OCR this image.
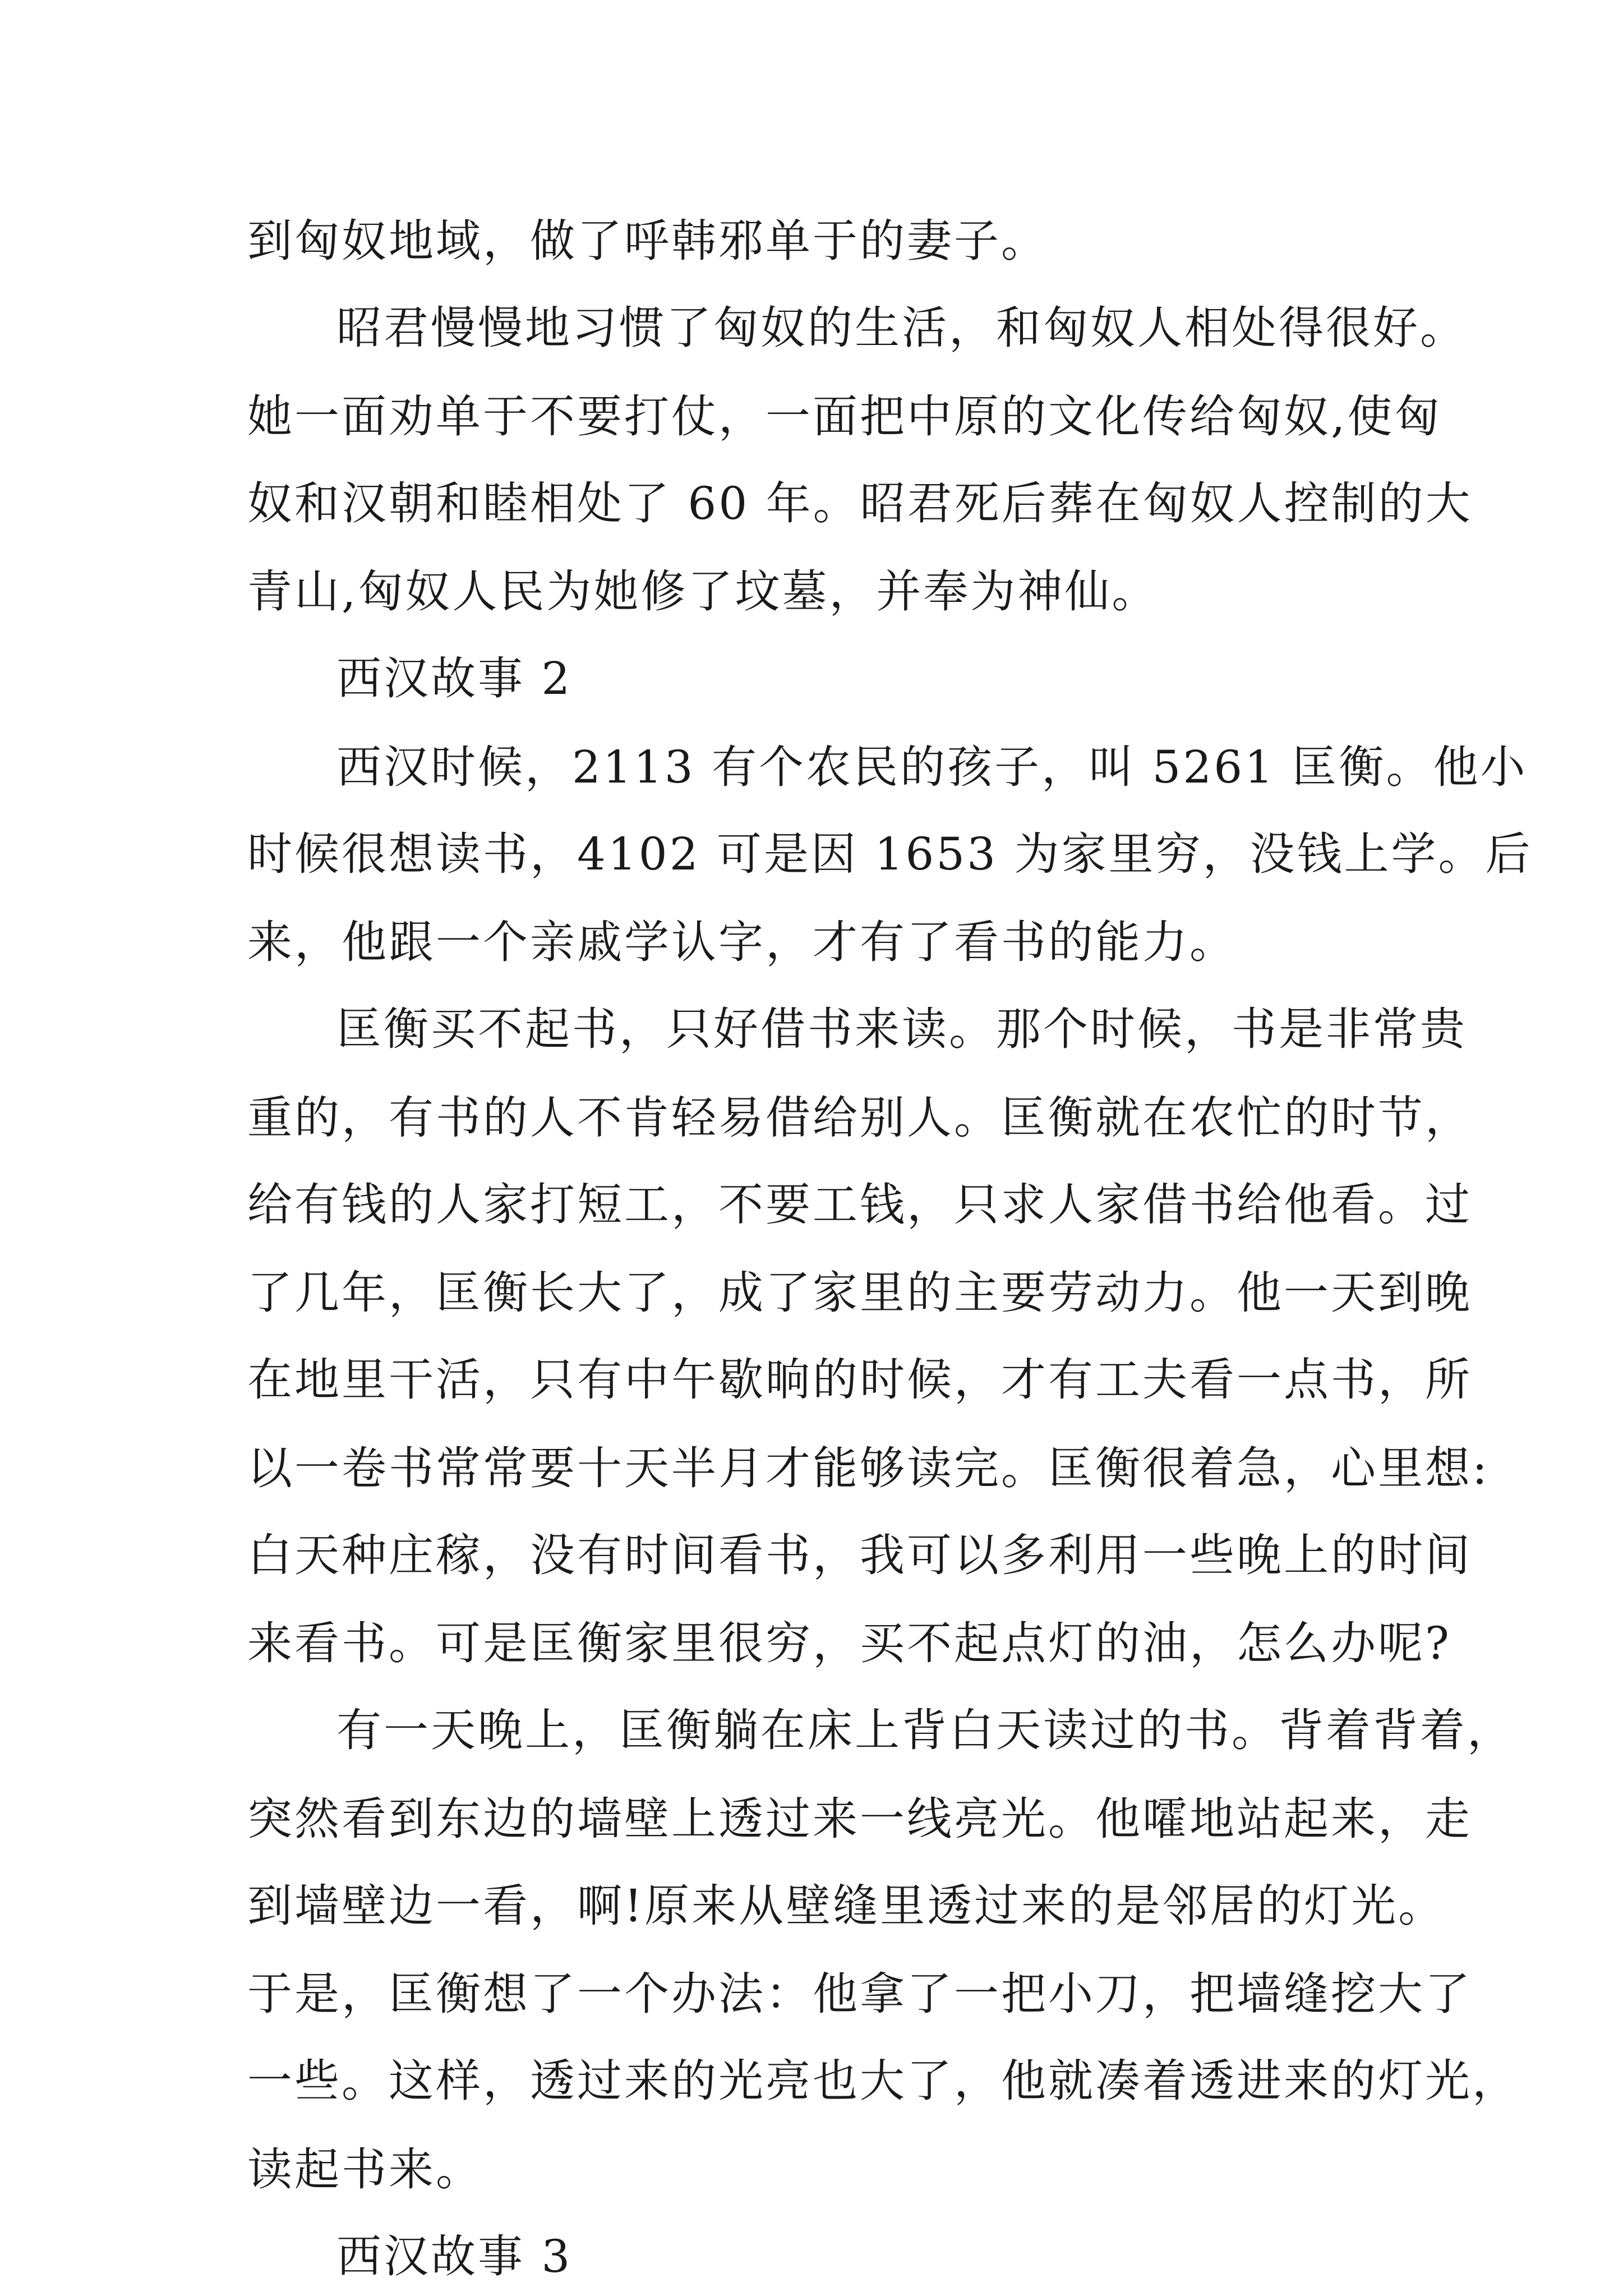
到匈奴地域，做了呼韩邪单于的妻子。
昭君慢慢地习惯了匈奴的生活，和匈奴人相处得很好。
她一面劝单于不要打仗，一面把中原的文化传给匈奴,使匈
奴和汉朝和睦相处了 60 年。昭君死后葬在匈奴人控制的大
青山,匈奴人民为她修了坟墓，并奉为神仙。
西汉故事 2
西汉时候，2113 有个农民的孩子，叫 5261 匡衡。他小
时候很想读书，4102 可是因 1653 为家里穷，没钱上学。后
来，他跟一个亲戚学认字，才有了看书的能力。
匡衡买不起书，只好借书来读。那个时候，书是非常贵
重的，有书的人不肯轻易借给别人。匡衡就在农忙的时节，
给有钱的人家打短工，不要工钱，只求人家借书给他看。过
了几年，匡衡长大了，成了家里的主要劳动力。他一天到晚
在地里干活，只有中午歇晌的时候，才有工夫看一点书，所
以一卷书常常要十天半月才能够读完。匡衡很着急，心里想:
白天种庄稼，没有时间看书，我可以多利用一些晚上的时间
来看书。可是匡衡家里很穷，买不起点灯的油，怎么办呢?
有一天晚上，匡衡躺在床上背白天读过的书。背着背着，
突然看到东边的墙壁上透过来一线亮光。他嚯地站起来，走
到墙壁边一看，啊!原来从壁缝里透过来的是邻居的灯光。
于是，匡衡想了一个办法：他拿了一把小刀，把墙缝挖大了
一些。这样，透过来的光亮也大了，他就凑着透进来的灯光，
读起书来。
西汉故事 3
